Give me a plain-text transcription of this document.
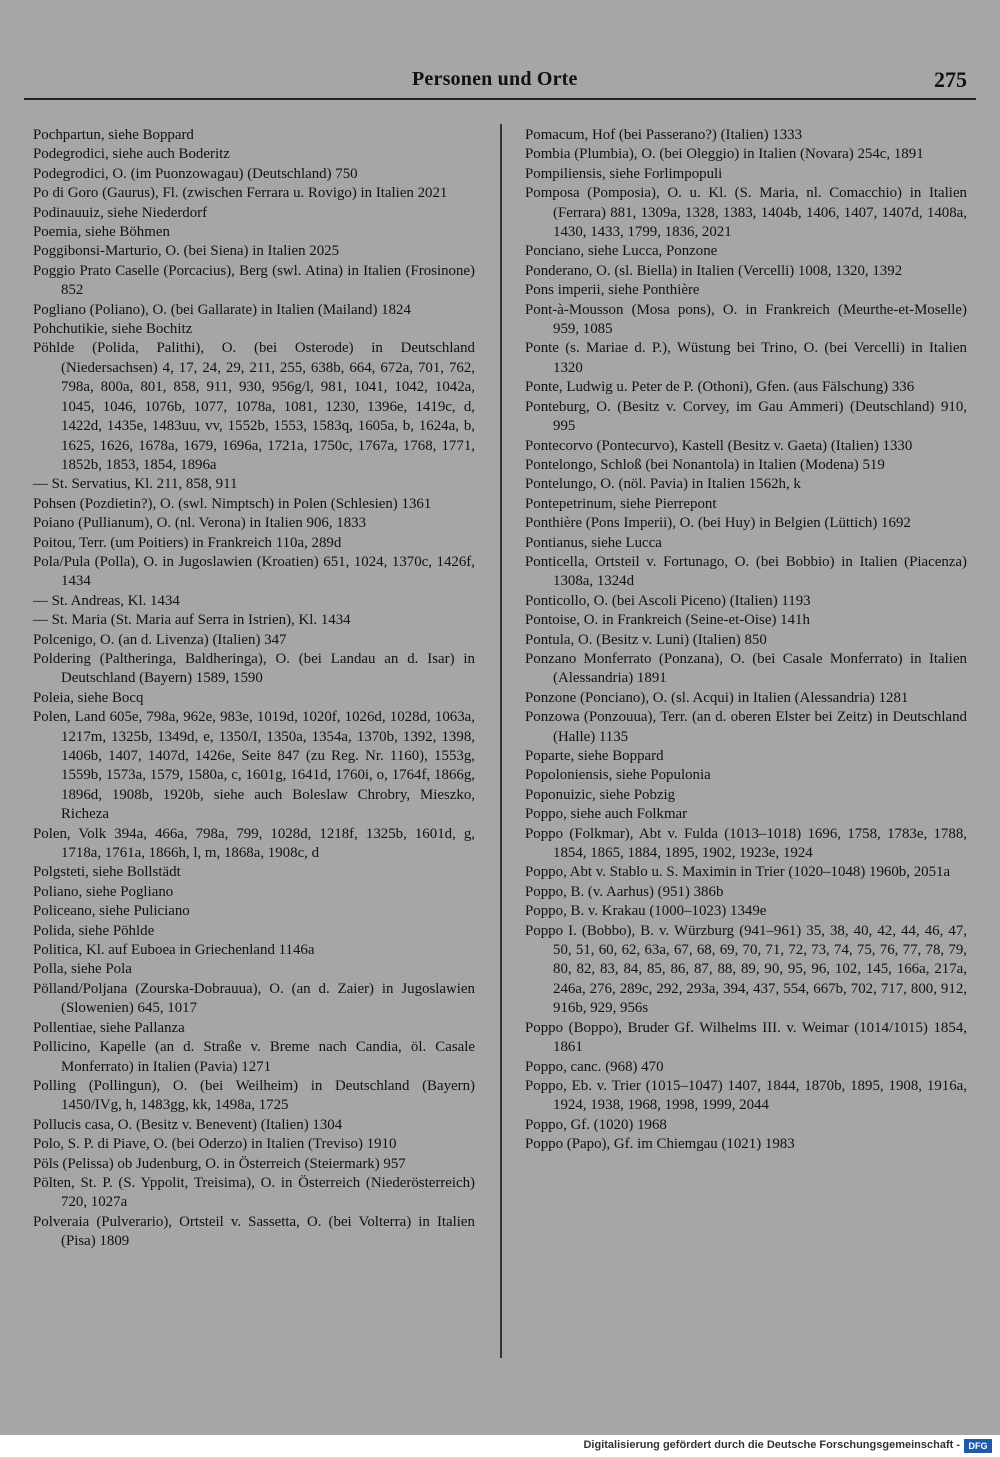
Personen und Orte	275
Pochpartun, siehe Boppard
Podegrodici, siehe auch Boderitz
Podegrodici, O. (im Puonzowagau) (Deutschland) 750
Po di Goro (Gaurus), Fl. (zwischen Ferrara u. Rovigo) in Italien 2021
Podinauuiz, siehe Niederdorf
Poemia, siehe Böhmen
Poggibonsi-Marturio, O. (bei Siena) in Italien 2025
Poggio Prato Caselle (Porcacius), Berg (swl. Atina) in Italien (Frosinone) 852
Pogliano (Poliano), O. (bei Gallarate) in Italien (Mailand) 1824
Pohchutikie, siehe Bochitz
Pöhlde (Polida, Palithi), O. (bei Osterode) in Deutschland (Niedersachsen) 4, 17, 24, 29, 211, 255, 638b, 664, 672a, 701, 762, 798a, 800a, 801, 858, 911, 930, 956g/l, 981, 1041, 1042, 1042a, 1045, 1046, 1076b, 1077, 1078a, 1081, 1230, 1396e, 1419c, d, 1422d, 1435e, 1483uu, vv, 1552b, 1553, 1583q, 1605a, b, 1624a, b, 1625, 1626, 1678a, 1679, 1696a, 1721a, 1750c, 1767a, 1768, 1771, 1852b, 1853, 1854, 1896a
— St. Servatius, Kl. 211, 858, 911
Pohsen (Pozdietin?), O. (swl. Nimptsch) in Polen (Schlesien) 1361
Poiano (Pullianum), O. (nl. Verona) in Italien 906, 1833
Poitou, Terr. (um Poitiers) in Frankreich 110a, 289d
Pola/Pula (Polla), O. in Jugoslawien (Kroatien) 651, 1024, 1370c, 1426f, 1434
— St. Andreas, Kl. 1434
— St. Maria (St. Maria auf Serra in Istrien), Kl. 1434
Polcenigo, O. (an d. Livenza) (Italien) 347
Poldering (Paltheringa, Baldheringa), O. (bei Landau an d. Isar) in Deutschland (Bayern) 1589, 1590
Poleia, siehe Bocq
Polen, Land 605e, 798a, 962e, 983e, 1019d, 1020f, 1026d, 1028d, 1063a, 1217m, 1325b, 1349d, e, 1350/I, 1350a, 1354a, 1370b, 1392, 1398, 1406b, 1407, 1407d, 1426e, Seite 847 (zu Reg. Nr. 1160), 1553g, 1559b, 1573a, 1579, 1580a, c, 1601g, 1641d, 1760i, o, 1764f, 1866g, 1896d, 1908b, 1920b, siehe auch Boleslaw Chrobry, Mieszko, Richeza
Polen, Volk 394a, 466a, 798a, 799, 1028d, 1218f, 1325b, 1601d, g, 1718a, 1761a, 1866h, l, m, 1868a, 1908c, d
Polgsteti, siehe Bollstädt
Poliano, siehe Pogliano
Policeano, siehe Puliciano
Polida, siehe Pöhlde
Politica, Kl. auf Euboea in Griechenland 1146a
Polla, siehe Pola
Pölland/Poljana (Zourska-Dobrauua), O. (an d. Zaier) in Jugoslawien (Slowenien) 645, 1017
Pollentiae, siehe Pallanza
Pollicino, Kapelle (an d. Straße v. Breme nach Candia, öl. Casale Monferrato) in Italien (Pavia) 1271
Polling (Pollingun), O. (bei Weilheim) in Deutschland (Bayern) 1450/IVg, h, 1483gg, kk, 1498a, 1725
Pollucis casa, O. (Besitz v. Benevent) (Italien) 1304
Polo, S. P. di Piave, O. (bei Oderzo) in Italien (Treviso) 1910
Pöls (Pelissa) ob Judenburg, O. in Österreich (Steiermark) 957
Pölten, St. P. (S. Yppolit, Treisima), O. in Österreich (Niederösterreich) 720, 1027a
Polveraia (Pulverario), Ortsteil v. Sassetta, O. (bei Volterra) in Italien (Pisa) 1809
Pomacum, Hof (bei Passerano?) (Italien) 1333
Pombia (Plumbia), O. (bei Oleggio) in Italien (Novara) 254c, 1891
Pompiliensis, siehe Forlimpopuli
Pomposa (Pomposia), O. u. Kl. (S. Maria, nl. Comacchio) in Italien (Ferrara) 881, 1309a, 1328, 1383, 1404b, 1406, 1407, 1407d, 1408a, 1430, 1433, 1799, 1836, 2021
Ponciano, siehe Lucca, Ponzone
Ponderano, O. (sl. Biella) in Italien (Vercelli) 1008, 1320, 1392
Pons imperii, siehe Ponthière
Pont-à-Mousson (Mosa pons), O. in Frankreich (Meurthe-et-Moselle) 959, 1085
Ponte (s. Mariae d. P.), Wüstung bei Trino, O. (bei Vercelli) in Italien 1320
Ponte, Ludwig u. Peter de P. (Othoni), Gfen. (aus Fälschung) 336
Ponteburg, O. (Besitz v. Corvey, im Gau Ammeri) (Deutschland) 910, 995
Pontecorvo (Pontecurvo), Kastell (Besitz v. Gaeta) (Italien) 1330
Pontelongo, Schloß (bei Nonantola) in Italien (Modena) 519
Pontelungo, O. (nöl. Pavia) in Italien 1562h, k
Pontepetrinum, siehe Pierrepont
Ponthière (Pons Imperii), O. (bei Huy) in Belgien (Lüttich) 1692
Pontianus, siehe Lucca
Ponticella, Ortsteil v. Fortunago, O. (bei Bobbio) in Italien (Piacenza) 1308a, 1324d
Ponticollo, O. (bei Ascoli Piceno) (Italien) 1193
Pontoise, O. in Frankreich (Seine-et-Oise) 141h
Pontula, O. (Besitz v. Luni) (Italien) 850
Ponzano Monferrato (Ponzana), O. (bei Casale Monferrato) in Italien (Alessandria) 1891
Ponzone (Ponciano), O. (sl. Acqui) in Italien (Alessandria) 1281
Ponzowa (Ponzouua), Terr. (an d. oberen Elster bei Zeitz) in Deutschland (Halle) 1135
Poparte, siehe Boppard
Popoloniensis, siehe Populonia
Poponuizic, siehe Pobzig
Poppo, siehe auch Folkmar
Poppo (Folkmar), Abt v. Fulda (1013–1018) 1696, 1758, 1783e, 1788, 1854, 1865, 1884, 1895, 1902, 1923e, 1924
Poppo, Abt v. Stablo u. S. Maximin in Trier (1020–1048) 1960b, 2051a
Poppo, B. (v. Aarhus) (951) 386b
Poppo, B. v. Krakau (1000–1023) 1349e
Poppo I. (Bobbo), B. v. Würzburg (941–961) 35, 38, 40, 42, 44, 46, 47, 50, 51, 60, 62, 63a, 67, 68, 69, 70, 71, 72, 73, 74, 75, 76, 77, 78, 79, 80, 82, 83, 84, 85, 86, 87, 88, 89, 90, 95, 96, 102, 145, 166a, 217a, 246a, 276, 289c, 292, 293a, 394, 437, 554, 667b, 702, 717, 800, 912, 916b, 929, 956s
Poppo (Boppo), Bruder Gf. Wilhelms III. v. Weimar (1014/1015) 1854, 1861
Poppo, canc. (968) 470
Poppo, Eb. v. Trier (1015–1047) 1407, 1844, 1870b, 1895, 1908, 1916a, 1924, 1938, 1968, 1998, 1999, 2044
Poppo, Gf. (1020) 1968
Poppo (Papo), Gf. im Chiemgau (1021) 1983
Digitalisierung gefördert durch die Deutsche Forschungsgemeinschaft - DFG
